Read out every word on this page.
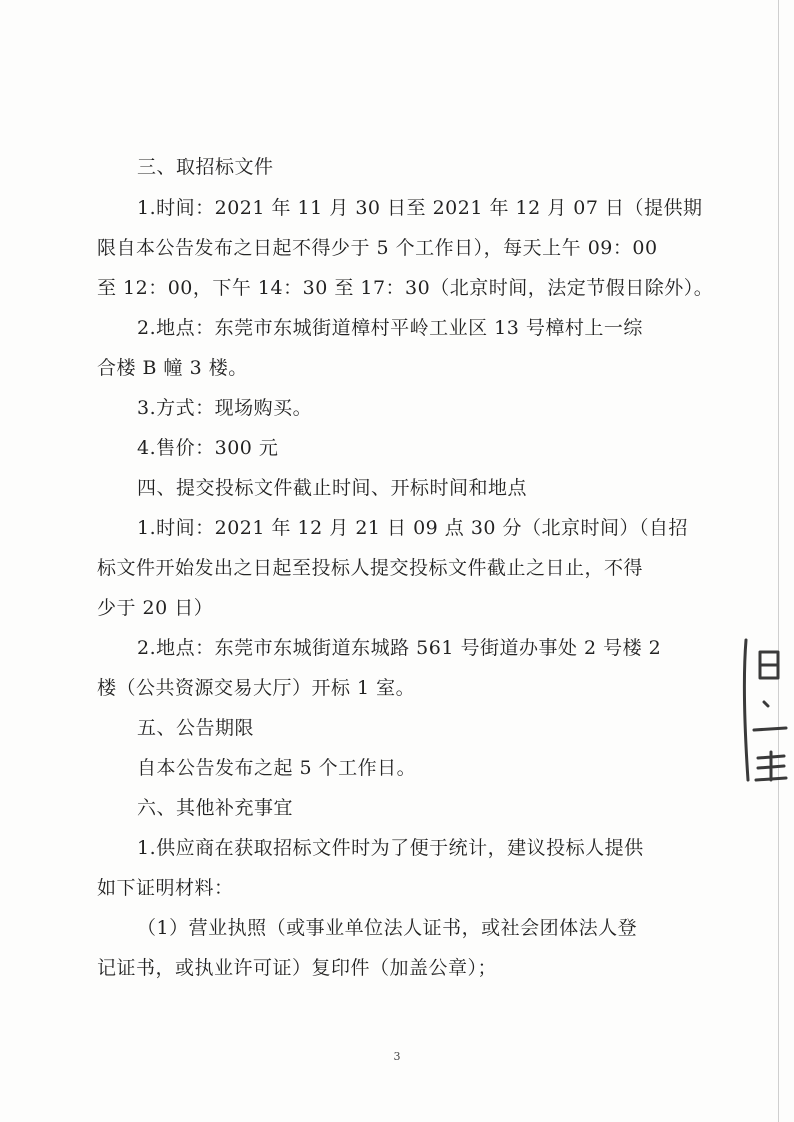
三、取招标文件
1.时间：2021 年 11 月 30 日至 2021 年 12 月 07 日（提供期
限自本公告发布之日起不得少于 5 个工作日），每天上午 09：00
至 12：00，下午 14：30 至 17：30（北京时间，法定节假日除外）。
2.地点：东莞市东城街道樟村平岭工业区 13 号樟村上一综
合楼 B 幢 3 楼。
3.方式：现场购买。
4.售价：300 元
四、提交投标文件截止时间、开标时间和地点
1.时间：2021 年 12 月 21 日 09 点 30 分（北京时间）（自招
标文件开始发出之日起至投标人提交投标文件截止之日止，不得
少于 20 日）
2.地点：东莞市东城街道东城路 561 号街道办事处 2 号楼 2
楼（公共资源交易大厅）开标 1 室。
五、公告期限
自本公告发布之起 5 个工作日。
六、其他补充事宜
1.供应商在获取招标文件时为了便于统计，建议投标人提供
如下证明材料：
（1）营业执照（或事业单位法人证书，或社会团体法人登
记证书，或执业许可证）复印件（加盖公章）；
3
